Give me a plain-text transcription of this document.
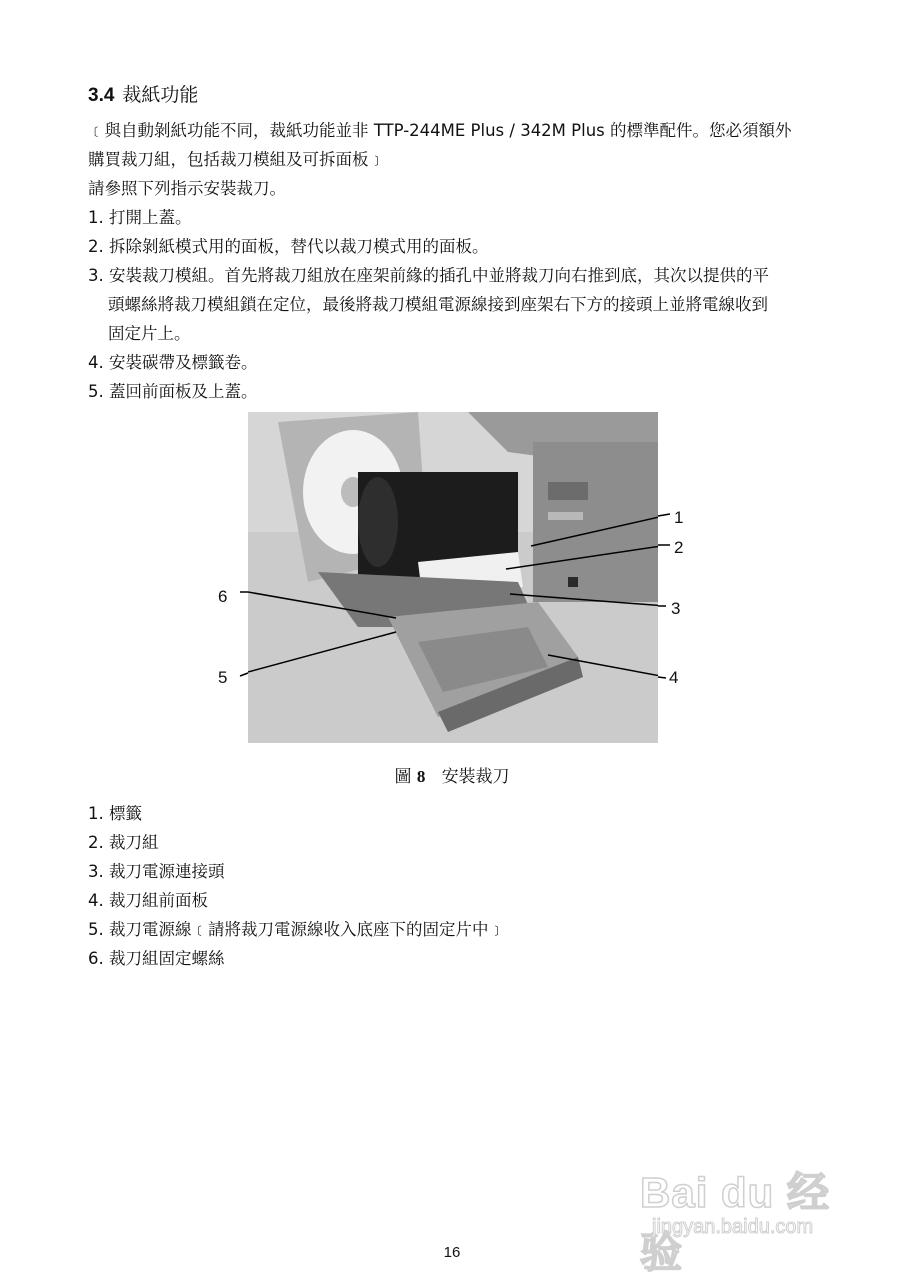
3.4 裁紙功能
﹝與自動剝紙功能不同，裁紙功能並非 TTP-244ME Plus / 342M Plus 的標準配件。您必須額外
購買裁刀組，包括裁刀模組及可拆面板﹞
請參照下列指示安裝裁刀。
1. 打開上蓋。
2. 拆除剝紙模式用的面板，替代以裁刀模式用的面板。
3. 安裝裁刀模組。首先將裁刀組放在座架前緣的插孔中並將裁刀向右推到底，其次以提供的平
頭螺絲將裁刀模組鎖在定位，最後將裁刀模組電源線接到座架右下方的接頭上並將電線收到
固定片上。
4. 安裝碳帶及標籤卷。
5. 蓋回前面板及上蓋。
1
2
3
4
5
6
圖 8 安裝裁刀
1. 標籤
2. 裁刀組
3. 裁刀電源連接頭
4. 裁刀組前面板
5. 裁刀電源線﹝請將裁刀電源線收入底座下的固定片中﹞
6. 裁刀組固定螺絲
Bai du 经验
jingyan.baidu.com
16
